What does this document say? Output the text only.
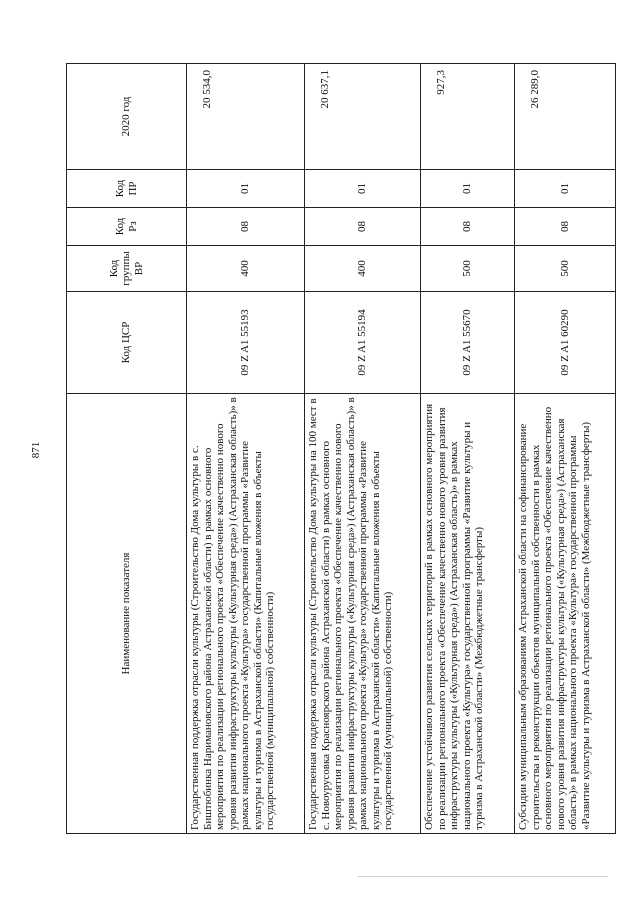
871
Наименование показателя	Код ЦСР	Код группы ВР	Код Рз	Код ПР	2020 год
Государственная поддержка отрасли культуры (Строительство Дома культуры в с. Биштюбинка Наримановского района Астраханской области) в рамках основного мероприятия по реализации регионального проекта «Обеспечение качественно нового уровня развития инфраструктуры культуры («Культурная среда») (Астраханская область)» в рамках национального проекта «Культура» государственной программы «Развитие культуры и туризма в Астраханской области» (Капитальные вложения в объекты государственной (муниципальной) собственности)	09 Z A1 55193	400	08	01	20 534,0
Государственная поддержка отрасли культуры (Строительство Дома культуры на 100 мест в с. Новоурусовка Красноярского района Астраханской области) в рамках основного мероприятия по реализации регионального проекта «Обеспечение качественно нового уровня развития инфраструктуры культуры («Культурная среда») (Астраханская область)» в рамках национального проекта «Культура» государственной программы «Развитие культуры и туризма в Астраханской области» (Капитальные вложения в объекты государственной (муниципальной) собственности)	09 Z A1 55194	400	08	01	20 637,1
Обеспечение устойчивого развития сельских территорий в рамках основного мероприятия по реализации регионального проекта «Обеспечение качественно нового уровня развития инфраструктуры культуры («Культурная среда») (Астраханская область)» в рамках национального проекта «Культура» государственной программы «Развитие культуры и туризма в Астраханской области» (Межбюджетные трансферты)	09 Z A1 55670	500	08	01	927,3
Субсидии муниципальным образованиям Астраханской области на софинансирование строительства и реконструкции объектов муниципальной собственности в рамках основного мероприятия по реализации регионального проекта «Обеспечение качественно нового уровня развития инфраструктуры культуры («Культурная среда») (Астраханская область)» в рамках национального проекта «Культура» государственной программы «Развитие культуры и туризма в Астраханской области» (Межбюджетные трансферты)	09 Z A1 60290	500	08	01	26 289,0
